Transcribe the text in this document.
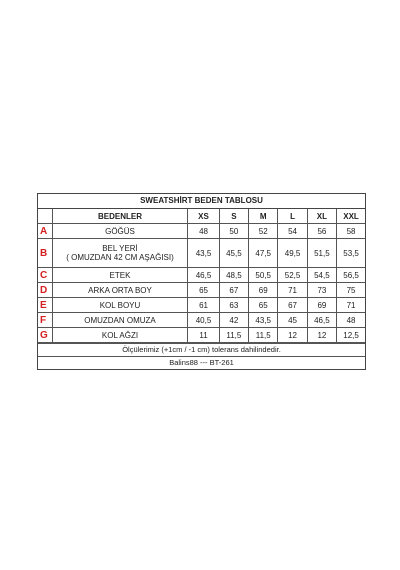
SWEATSHİRT BEDEN TABLOSU
	BEDENLER	XS	S	M	L	XL	XXL
A	GÖĞÜS	48	50	52	54	56	58
B	BEL YERİ
( OMUZDAN 42 CM AŞAĞISI)	43,5	45,5	47,5	49,5	51,5	53,5
C	ETEK	46,5	48,5	50,5	52,5	54,5	56,5
D	ARKA ORTA BOY	65	67	69	71	73	75
E	KOL BOYU	61	63	65	67	69	71
F	OMUZDAN OMUZA	40,5	42	43,5	45	46,5	48
G	KOL AĞZI	11	11,5	11,5	12	12	12,5
Ölçülerimiz (+1cm / -1 cm) tolerans dahilindedir.
Balins88 --- BT-261
